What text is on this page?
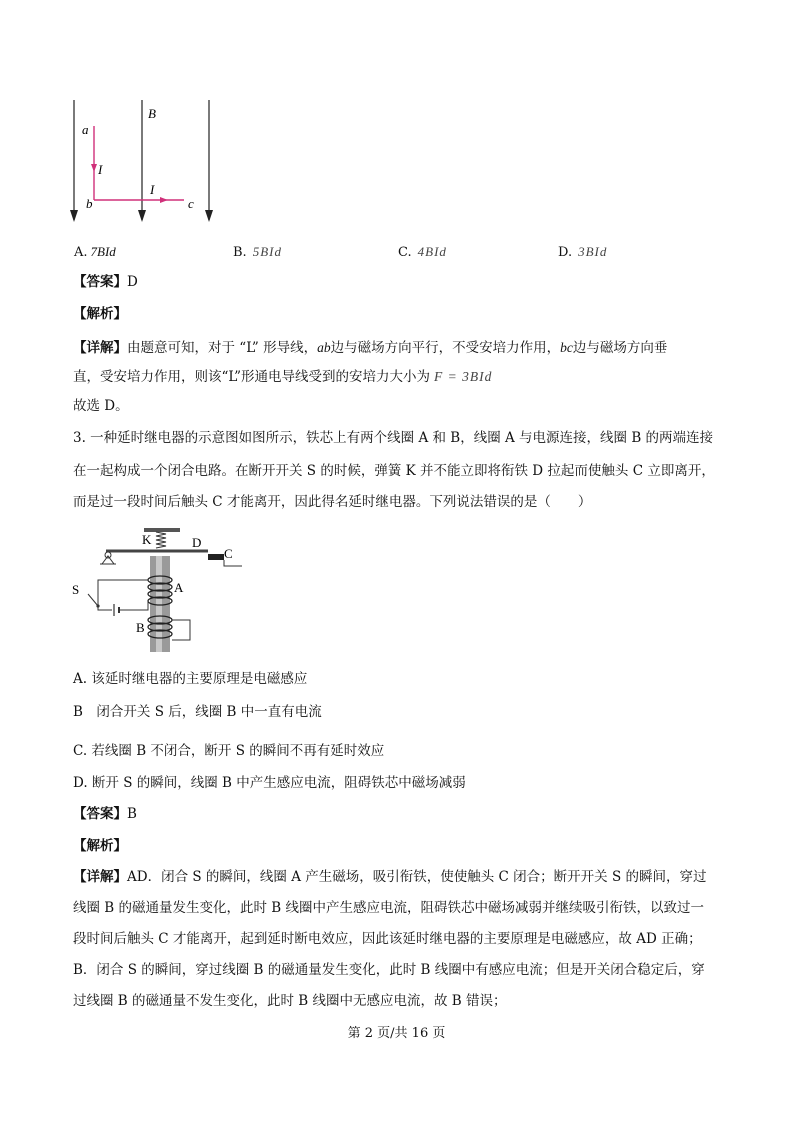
a
b	c
B
I
I
A. 7BId	B. 5BId	C. 4BId	D. 3BId
【答案】D
【解析】
【详解】由题意可知，对于 “L” 形导线，ab边与磁场方向平行，不受安培力作用，bc边与磁场方向垂
直，受安培力作用，则该“L”形通电导线受到的安培力大小为 F = 3BId
故选 D。
3. 一种延时继电器的示意图如图所示，铁芯上有两个线圈 A 和 B，线圈 A 与电源连接，线圈 B 的两端连接
在一起构成一个闭合电路。在断开开关 S 的时候，弹簧 K 并不能立即将衔铁 D 拉起而使触头 C 立即离开，
而是过一段时间后触头 C 才能离开，因此得名延时继电器。下列说法错误的是（　　）
K	D
C
A
S
B
A. 该延时继电器的主要原理是电磁感应
B　闭合开关 S 后，线圈 B 中一直有电流
C. 若线圈 B 不闭合，断开 S 的瞬间不再有延时效应
D. 断开 S 的瞬间，线圈 B 中产生感应电流，阻碍铁芯中磁场减弱
【答案】B
【解析】
【详解】AD．闭合 S 的瞬间，线圈 A 产生磁场，吸引衔铁，使使触头 C 闭合；断开开关 S 的瞬间，穿过
线圈 B 的磁通量发生变化，此时 B 线圈中产生感应电流，阻碍铁芯中磁场减弱并继续吸引衔铁，以致过一
段时间后触头 C 才能离开，起到延时断电效应，因此该延时继电器的主要原理是电磁感应，故 AD 正确；
B．闭合 S 的瞬间，穿过线圈 B 的磁通量发生变化，此时 B 线圈中有感应电流；但是开关闭合稳定后，穿
过线圈 B 的磁通量不发生变化，此时 B 线圈中无感应电流，故 B 错误；
第 2 页/共 16 页
